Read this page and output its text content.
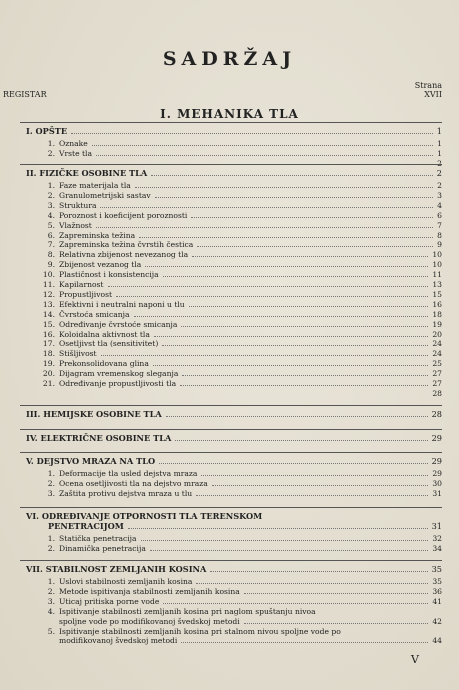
SADRŽAJ
Strana
REGISTAR	XVII
I. MEHANIKA TLA
I. OPŠTE	1
1. Oznake	1
2. Vrste tla	1
II. FIZIČKE OSOBINE TLA	2
1. Faze materijala tla	2
2. Granulometrijski sastav	3
3. Struktura	4
4. Poroznost i koeficijent poroznosti	6
5. Vlažnost	7
6. Zapreminska težina	8
7. Zapreminska težina čvrstih čestica	9
8. Relativna zbijenost nevezanog tla	10
9. Zbijenost vezanog tla	10
10. Plastičnost i konsistencija	11
11. Kapilarnost	13
12. Propustljivost	15
13. Efektivni i neutralni naponi u tlu	16
14. Čvrstoća smicanja	18
15. Određivanje čvrstoće smicanja	19
16. Koloidalna aktivnost tla	20
17. Osetljivst tla (sensitivitet)	24
18. Stišljivost	24
19. Prekonsolidovana glina	25
20. Dijagram vremenskog sleganja	27
21. Određivanje propustljivosti tla	27
28
III. HEMIJSKE OSOBINE TLA	28
IV. ELEKTRIČNE OSOBINE TLA	29
V. DEJSTVO MRAZA NA TLO	29
1. Deformacije tla usled dejstva mraza	29
2. Ocena osetljivosti tla na dejstvo mraza	30
3. Zaštita protivu dejstva mraza u tlu	31
VI. ODREĐIVANJE OTPORNOSTI TLA TERENSKOM
PENETRACIJOM	31
1. Statička penetracija	32
2. Dinamička penetracija	34
VII. STABILNOST ZEMLJANIH KOSINA	35
1. Uslovi stabilnosti zemljanih kosina	35
2. Metode ispitivanja stabilnosti zemljanih kosina	36
3. Uticaj pritiska porne vode	41
4. Ispitivanje stabilnosti zemljanih kosina pri naglom spuštanju nivoa
spoljne vode po modifikovanoj švedskoj metodi	42
5. Ispitivanje stabilnosti zemljanih kosina pri stalnom nivou spoljne vode po
modifikovanoj švedskoj metodi	44
V
